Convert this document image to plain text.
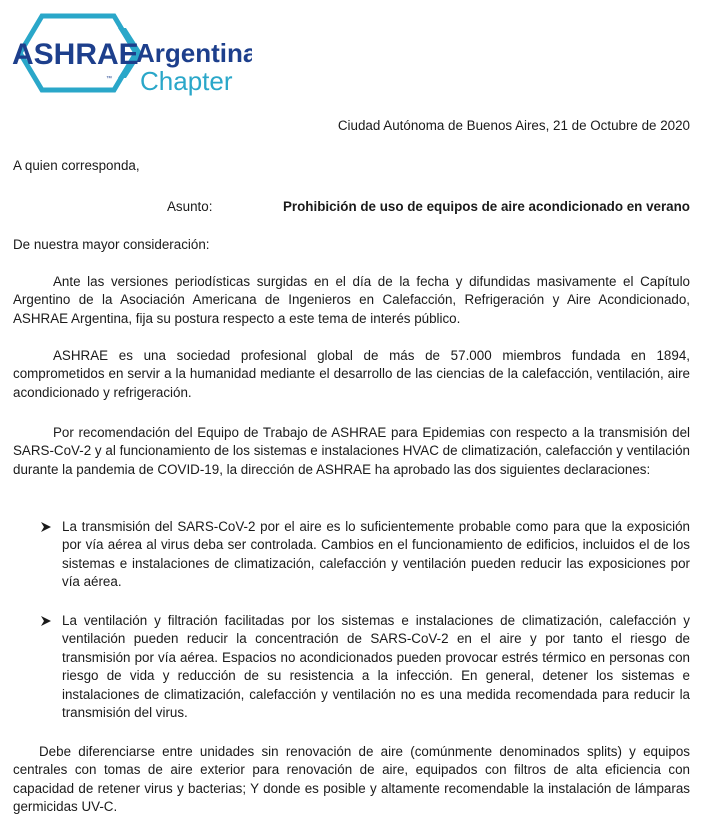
ASHRAE
™
Argentina
Chapter
Ciudad Autónoma de Buenos Aires, 21 de Octubre de 2020
A quien corresponda,
Asunto:	Prohibición de uso de equipos de aire acondicionado en verano
De nuestra mayor consideración:

Ante las versiones periodísticas surgidas en el día de la fecha y difundidas masivamente el Capítulo Argentino de la Asociación Americana de Ingenieros en Calefacción, Refrigeración y Aire Acondicionado, ASHRAE Argentina, fija su postura respecto a este tema de interés público.

ASHRAE es una sociedad profesional global de más de 57.000 miembros fundada en 1894, comprometidos en servir a la humanidad mediante el desarrollo de las ciencias de la calefacción, ventilación, aire acondicionado y refrigeración.

Por recomendación del Equipo de Trabajo de ASHRAE para Epidemias con respecto a la transmisión del SARS-CoV-2 y al funcionamiento de los sistemas e instalaciones HVAC de climatización, calefacción y ventilación durante la pandemia de COVID-19, la dirección de ASHRAE ha aprobado las dos siguientes declaraciones:

La transmisión del SARS-CoV-2 por el aire es lo suficientemente probable como para que la exposición por vía aérea al virus deba ser controlada. Cambios en el funcionamiento de edificios, incluidos el de los sistemas e instalaciones de climatización, calefacción y ventilación pueden reducir las exposiciones por vía aérea.
La ventilación y filtración facilitadas por los sistemas e instalaciones de climatización, calefacción y ventilación pueden reducir la concentración de SARS-CoV-2 en el aire y por tanto el riesgo de transmisión por vía aérea. Espacios no acondicionados pueden provocar estrés térmico en personas con riesgo de vida y reducción de su resistencia a la infección. En general, detener los sistemas e instalaciones de climatización, calefacción y ventilación no es una medida recomendada para reducir la transmisión del virus.

Debe diferenciarse entre unidades sin renovación de aire (comúnmente denominados splits) y equipos centrales con tomas de aire exterior para renovación de aire, equipados con filtros de alta eficiencia con capacidad de retener virus y bacterias; Y donde es posible y altamente recomendable la instalación de lámparas germicidas UV-C.
